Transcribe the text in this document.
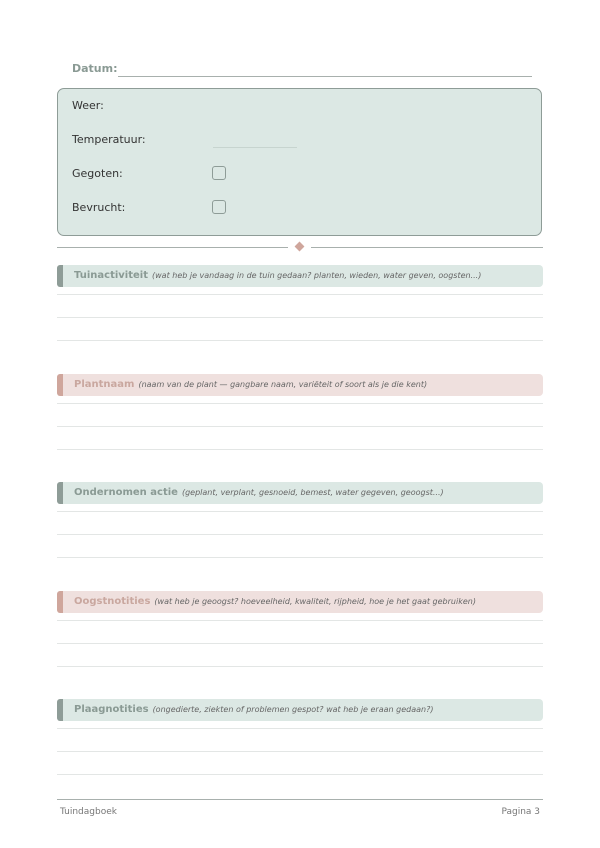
Datum:
Weer:
Temperatuur:
Gegoten:
Bevrucht:
Tuinactiviteit (wat heb je vandaag in de tuin gedaan? planten, wieden, water geven, oogsten...)
Plantnaam (naam van de plant — gangbare naam, variëteit of soort als je die kent)
Ondernomen actie (geplant, verplant, gesnoeid, bemest, water gegeven, geoogst...)
Oogstnotities (wat heb je geoogst? hoeveelheid, kwaliteit, rijpheid, hoe je het gaat gebruiken)
Plaagnotities (ongedierte, ziekten of problemen gespot? wat heb je eraan gedaan?)
Tuindagboek	Pagina 3
